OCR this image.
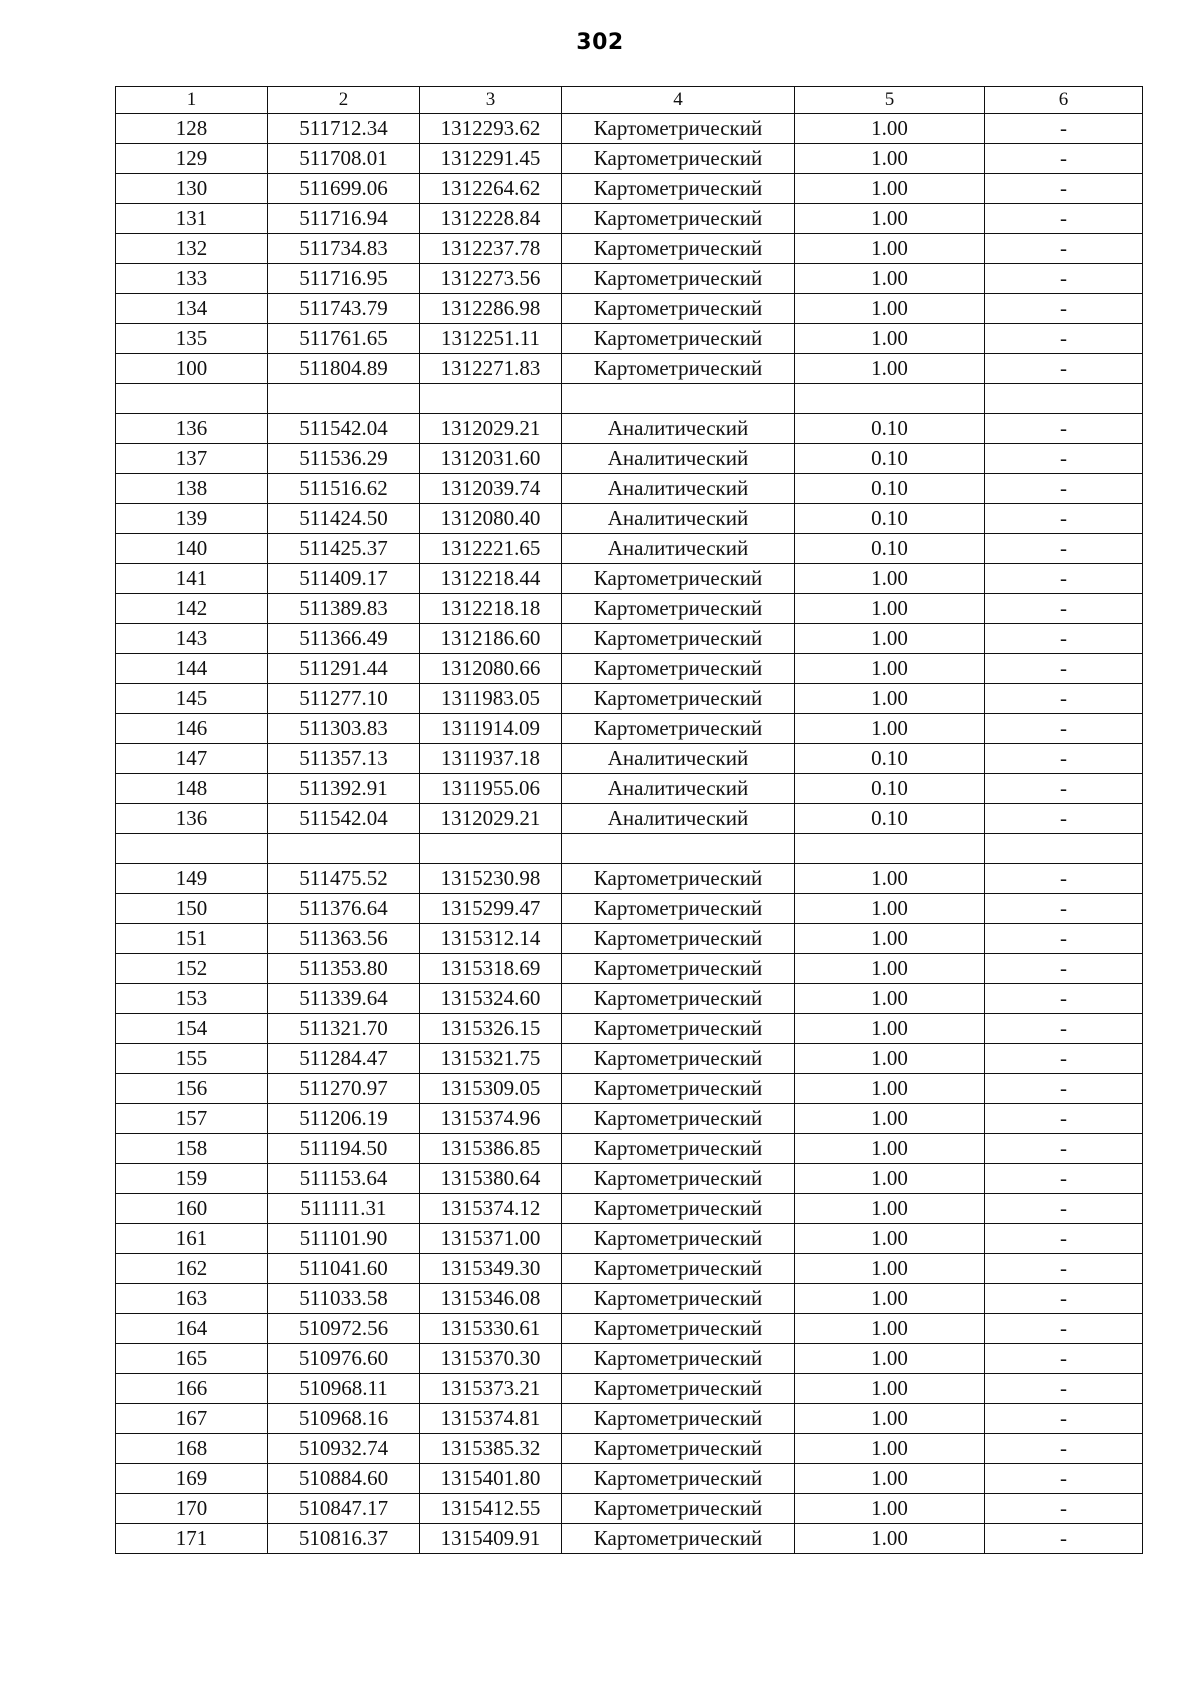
302
1	2	3	4	5	6
128	511712.34	1312293.62	Картометрический	1.00	-
129	511708.01	1312291.45	Картометрический	1.00	-
130	511699.06	1312264.62	Картометрический	1.00	-
131	511716.94	1312228.84	Картометрический	1.00	-
132	511734.83	1312237.78	Картометрический	1.00	-
133	511716.95	1312273.56	Картометрический	1.00	-
134	511743.79	1312286.98	Картометрический	1.00	-
135	511761.65	1312251.11	Картометрический	1.00	-
100	511804.89	1312271.83	Картометрический	1.00	-

136	511542.04	1312029.21	Аналитический	0.10	-
137	511536.29	1312031.60	Аналитический	0.10	-
138	511516.62	1312039.74	Аналитический	0.10	-
139	511424.50	1312080.40	Аналитический	0.10	-
140	511425.37	1312221.65	Аналитический	0.10	-
141	511409.17	1312218.44	Картометрический	1.00	-
142	511389.83	1312218.18	Картометрический	1.00	-
143	511366.49	1312186.60	Картометрический	1.00	-
144	511291.44	1312080.66	Картометрический	1.00	-
145	511277.10	1311983.05	Картометрический	1.00	-
146	511303.83	1311914.09	Картометрический	1.00	-
147	511357.13	1311937.18	Аналитический	0.10	-
148	511392.91	1311955.06	Аналитический	0.10	-
136	511542.04	1312029.21	Аналитический	0.10	-

149	511475.52	1315230.98	Картометрический	1.00	-
150	511376.64	1315299.47	Картометрический	1.00	-
151	511363.56	1315312.14	Картометрический	1.00	-
152	511353.80	1315318.69	Картометрический	1.00	-
153	511339.64	1315324.60	Картометрический	1.00	-
154	511321.70	1315326.15	Картометрический	1.00	-
155	511284.47	1315321.75	Картометрический	1.00	-
156	511270.97	1315309.05	Картометрический	1.00	-
157	511206.19	1315374.96	Картометрический	1.00	-
158	511194.50	1315386.85	Картометрический	1.00	-
159	511153.64	1315380.64	Картометрический	1.00	-
160	511111.31	1315374.12	Картометрический	1.00	-
161	511101.90	1315371.00	Картометрический	1.00	-
162	511041.60	1315349.30	Картометрический	1.00	-
163	511033.58	1315346.08	Картометрический	1.00	-
164	510972.56	1315330.61	Картометрический	1.00	-
165	510976.60	1315370.30	Картометрический	1.00	-
166	510968.11	1315373.21	Картометрический	1.00	-
167	510968.16	1315374.81	Картометрический	1.00	-
168	510932.74	1315385.32	Картометрический	1.00	-
169	510884.60	1315401.80	Картометрический	1.00	-
170	510847.17	1315412.55	Картометрический	1.00	-
171	510816.37	1315409.91	Картометрический	1.00	-
